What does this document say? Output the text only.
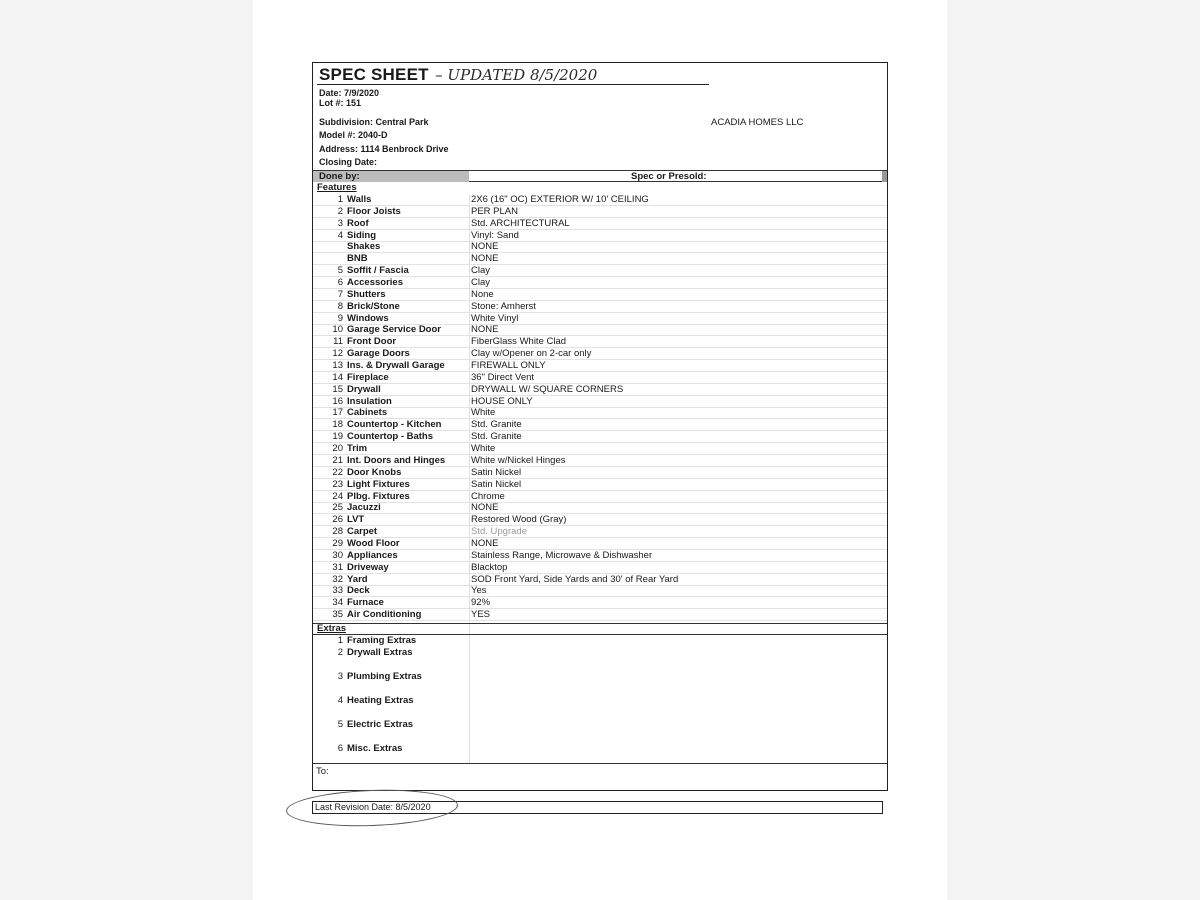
SPEC SHEET – UPDATED 8/5/2020
Date: 7/9/2020
Lot #: 151
Subdivision: Central Park
Model #: 2040-D
Address: 1114 Benbrock Drive
Closing Date:
ACADIA HOMES LLC
Done by:	Spec or Presold:
Features
1 Walls	2X6 (16" OC) EXTERIOR W/ 10' CEILING
2 Floor Joists	PER PLAN
3 Roof	Std. ARCHITECTURAL
4 Siding	Vinyl: Sand
Shakes	NONE
BNB	NONE
5 Soffit / Fascia	Clay
6 Accessories	Clay
7 Shutters	None
8 Brick/Stone	Stone: Amherst
9 Windows	White Vinyl
10 Garage Service Door	NONE
11 Front Door	FiberGlass White Clad
12 Garage Doors	Clay w/Opener on 2-car only
13 Ins. & Drywall Garage	FIREWALL ONLY
14 Fireplace	36" Direct Vent
15 Drywall	DRYWALL W/ SQUARE CORNERS
16 Insulation	HOUSE ONLY
17 Cabinets	White
18 Countertop - Kitchen	Std. Granite
19 Countertop - Baths	Std. Granite
20 Trim	White
21 Int. Doors and Hinges	White w/Nickel Hinges
22 Door Knobs	Satin Nickel
23 Light Fixtures	Satin Nickel
24 Plbg. Fixtures	Chrome
25 Jacuzzi	NONE
26 LVT	Restored Wood (Gray)
28 Carpet	Std. Upgrade
29 Wood Floor	NONE
30 Appliances	Stainless Range, Microwave & Dishwasher
31 Driveway	Blacktop
32 Yard	SOD Front Yard, Side Yards and 30' of Rear Yard
33 Deck	Yes
34 Furnace	92%
35 Air Conditioning	YES
Extras
1 Framing Extras
2 Drywall Extras
3 Plumbing Extras
4 Heating Extras
5 Electric Extras
6 Misc. Extras
To:
Last Revision Date: 8/5/2020
